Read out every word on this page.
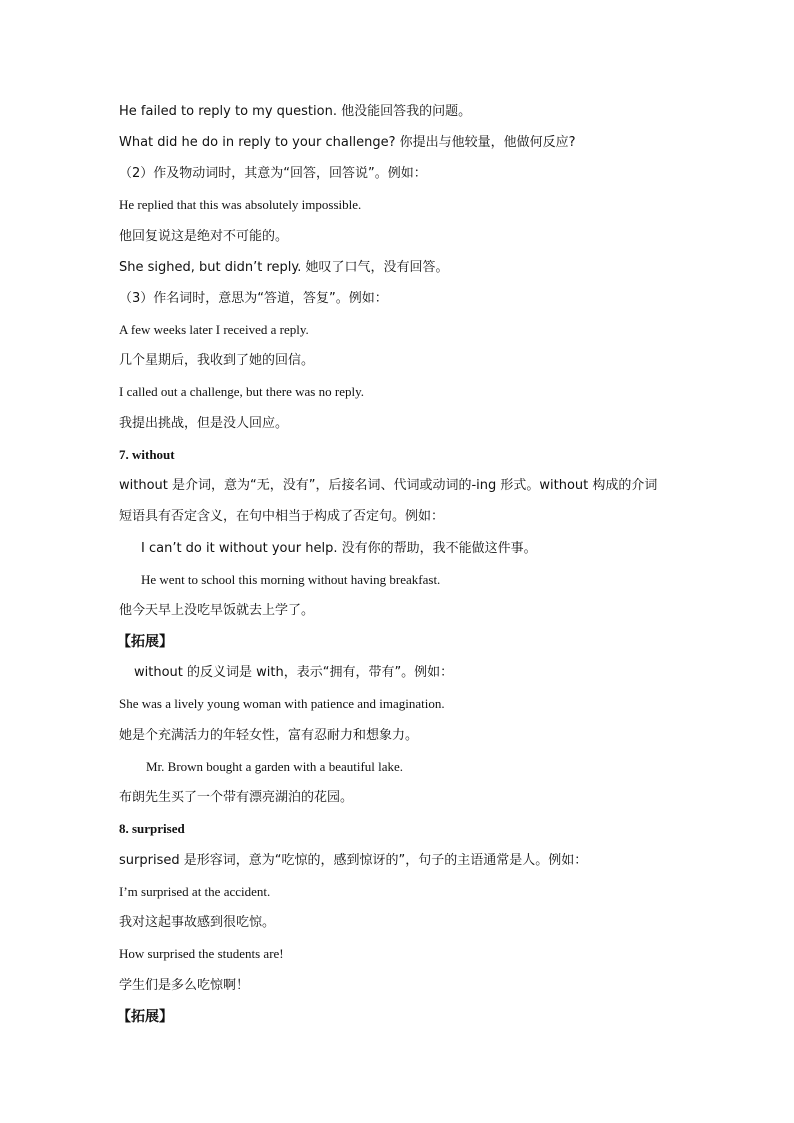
He failed to reply to my question. 他没能回答我的问题。
What did he do in reply to your challenge? 你提出与他较量，他做何反应?
（2）作及物动词时，其意为“回答，回答说”。例如：
He replied that this was absolutely impossible.
他回复说这是绝对不可能的。
She sighed, but didn’t reply. 她叹了口气，没有回答。
（3）作名词时，意思为“答道，答复”。例如：
A few weeks later I received a reply.
几个星期后，我收到了她的回信。
I called out a challenge, but there was no reply.
我提出挑战，但是没人回应。
7. without
without 是介词，意为“无，没有”，后接名词、代词或动词的-ing 形式。without 构成的介词
短语具有否定含义，在句中相当于构成了否定句。例如：
I can’t do it without your help. 没有你的帮助，我不能做这件事。
He went to school this morning without having breakfast.
他今天早上没吃早饭就去上学了。
【拓展】
without 的反义词是 with，表示“拥有，带有”。例如：
She was a lively young woman with patience and imagination.
她是个充满活力的年轻女性，富有忍耐力和想象力。
Mr. Brown bought a garden with a beautiful lake.
布朗先生买了一个带有漂亮湖泊的花园。
8. surprised
surprised 是形容词，意为“吃惊的，感到惊讶的”，句子的主语通常是人。例如：
I’m surprised at the accident.
我对这起事故感到很吃惊。
How surprised the students are!
学生们是多么吃惊啊！
【拓展】
